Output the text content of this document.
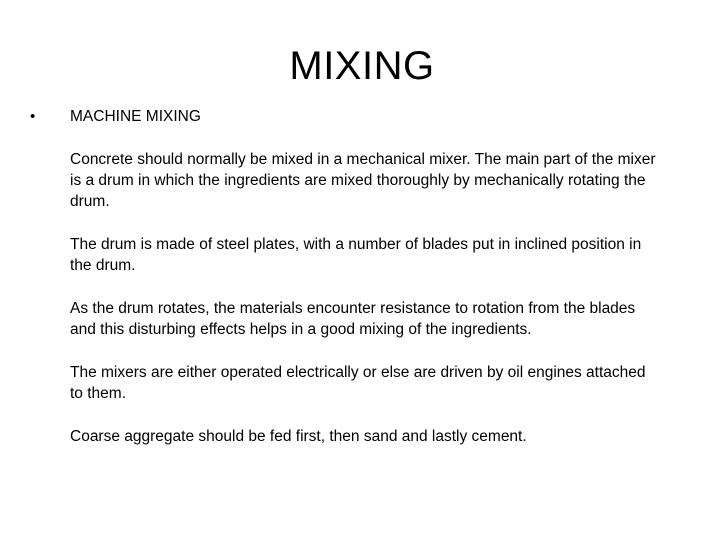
MIXING
• MACHINE MIXING

Concrete should normally be mixed in a mechanical mixer. The main part of the mixer is a drum in which the ingredients are mixed thoroughly by mechanically rotating the drum.

The drum is made of steel plates, with a number of blades put in inclined position in the drum.

As the drum rotates, the materials encounter resistance to rotation from the blades and this disturbing effects helps in a good mixing of the ingredients.

The mixers are either operated electrically or else are driven by oil engines attached to them.

Coarse aggregate should be fed first, then sand and lastly cement.
